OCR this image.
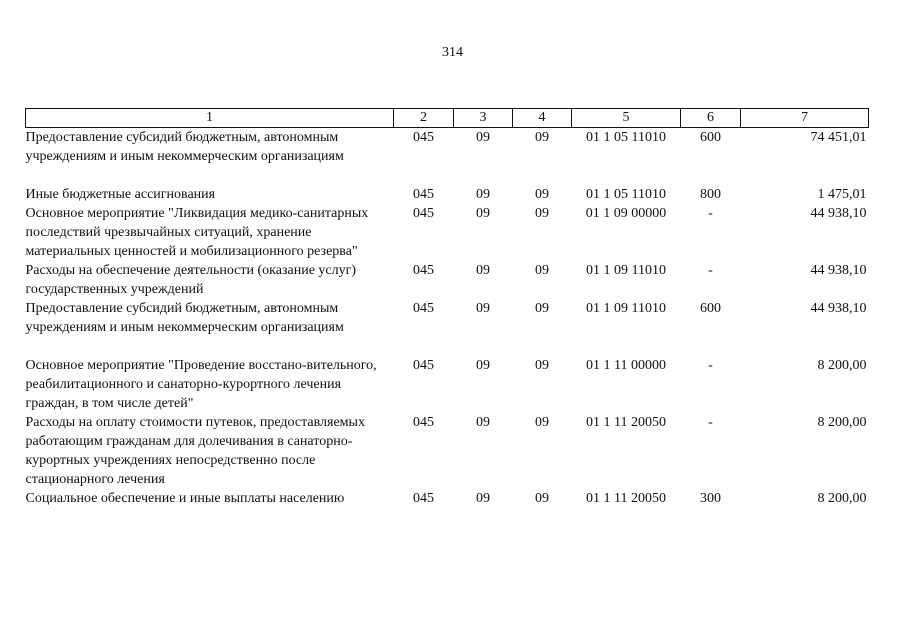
314
1	2	3	4	5	6	7
Предоставление субсидий бюджетным, автономным учреждениям и иным некоммерческим организациям	045	09	09	01 1 05 11010	600	74 451,01
Иные бюджетные ассигнования	045	09	09	01 1 05 11010	800	1 475,01
Основное мероприятие "Ликвидация медико-санитарных последствий чрезвычайных ситуаций, хранение материальных ценностей и мобилизационного резерва"	045	09	09	01 1 09 00000	-	44 938,10
Расходы на обеспечение деятельности (оказание услуг) государственных учреждений	045	09	09	01 1 09 11010	-	44 938,10
Предоставление субсидий бюджетным, автономным учреждениям и иным некоммерческим организациям	045	09	09	01 1 09 11010	600	44 938,10
Основное мероприятие "Проведение восстано-вительного, реабилитационного и санаторно-курортного лечения граждан, в том числе детей"	045	09	09	01 1 11 00000	-	8 200,00
Расходы на оплату стоимости путевок, предоставляемых работающим гражданам для долечивания в санаторно-курортных учреждениях непосредственно после стационарного лечения	045	09	09	01 1 11 20050	-	8 200,00
Социальное обеспечение и иные выплаты населению	045	09	09	01 1 11 20050	300	8 200,00
